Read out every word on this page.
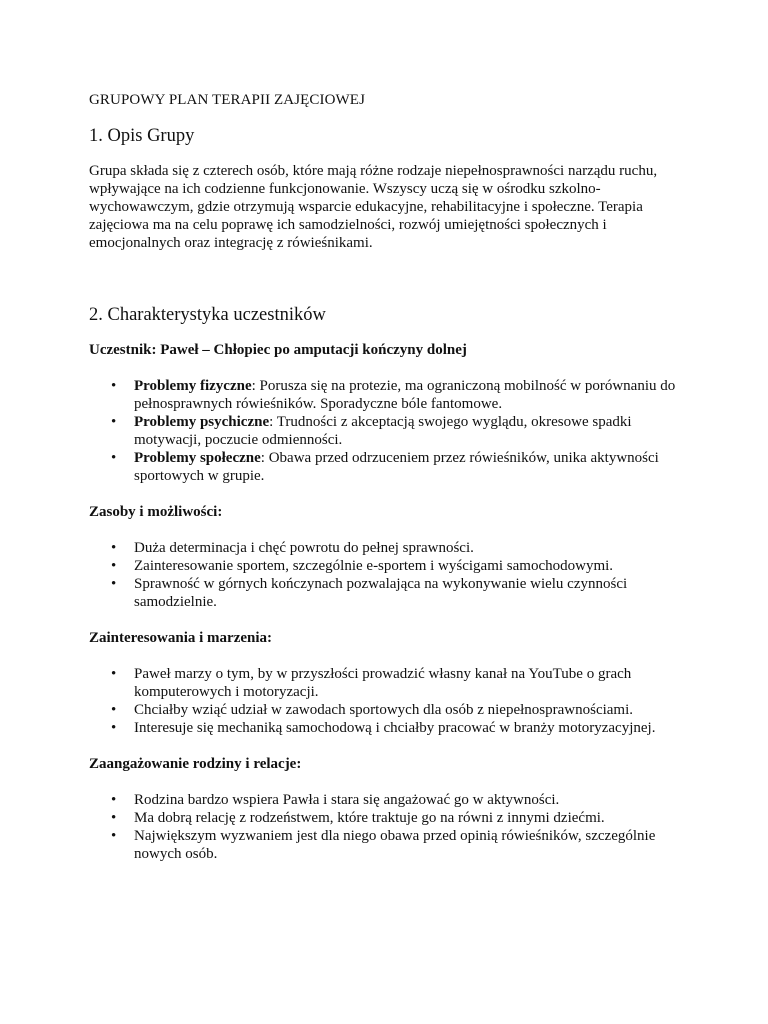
GRUPOWY PLAN TERAPII ZAJĘCIOWEJ

1. Opis Grupy

Grupa składa się z czterech osób, które mają różne rodzaje niepełnosprawności narządu ruchu, wpływające na ich codzienne funkcjonowanie. Wszyscy uczą się w ośrodku szkolno-wychowawczym, gdzie otrzymują wsparcie edukacyjne, rehabilitacyjne i społeczne. Terapia zajęciowa ma na celu poprawę ich samodzielności, rozwój umiejętności społecznych i emocjonalnych oraz integrację z rówieśnikami.

2. Charakterystyka uczestników

Uczestnik: Paweł – Chłopiec po amputacji kończyny dolnej

• Problemy fizyczne: Porusza się na protezie, ma ograniczoną mobilność w porównaniu do pełnosprawnych rówieśników. Sporadyczne bóle fantomowe.
• Problemy psychiczne: Trudności z akceptacją swojego wyglądu, okresowe spadki motywacji, poczucie odmienności.
• Problemy społeczne: Obawa przed odrzuceniem przez rówieśników, unika aktywności sportowych w grupie.

Zasoby i możliwości:

• Duża determinacja i chęć powrotu do pełnej sprawności.
• Zainteresowanie sportem, szczególnie e-sportem i wyścigami samochodowymi.
• Sprawność w górnych kończynach pozwalająca na wykonywanie wielu czynności samodzielnie.

Zainteresowania i marzenia:

• Paweł marzy o tym, by w przyszłości prowadzić własny kanał na YouTube o grach komputerowych i motoryzacji.
• Chciałby wziąć udział w zawodach sportowych dla osób z niepełnosprawnościami.
• Interesuje się mechaniką samochodową i chciałby pracować w branży motoryzacyjnej.

Zaangażowanie rodziny i relacje:

• Rodzina bardzo wspiera Pawła i stara się angażować go w aktywności.
• Ma dobrą relację z rodzeństwem, które traktuje go na równi z innymi dziećmi.
• Największym wyzwaniem jest dla niego obawa przed opinią rówieśników, szczególnie nowych osób.
